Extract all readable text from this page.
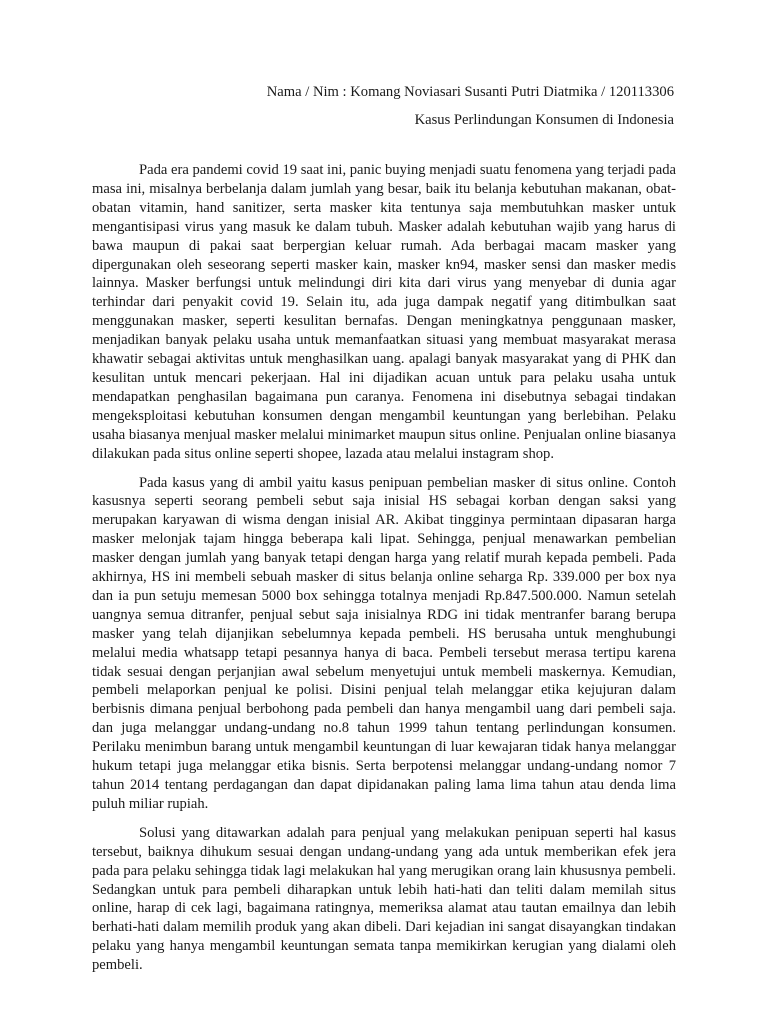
Nama / Nim : Komang Noviasari Susanti Putri Diatmika / 120113306

Kasus Perlindungan Konsumen di Indonesia

Pada era pandemi covid 19 saat ini, panic buying menjadi suatu fenomena yang terjadi pada masa ini, misalnya berbelanja dalam jumlah yang besar, baik itu belanja kebutuhan makanan, obat-obatan vitamin, hand sanitizer, serta masker kita tentunya saja membutuhkan masker untuk mengantisipasi virus yang masuk ke dalam tubuh. Masker adalah kebutuhan wajib yang harus di bawa maupun di pakai saat berpergian keluar rumah. Ada berbagai macam masker yang dipergunakan oleh seseorang seperti masker kain, masker kn94, masker sensi dan masker medis lainnya. Masker berfungsi untuk melindungi diri kita dari virus yang menyebar di dunia agar terhindar dari penyakit covid 19. Selain itu, ada juga dampak negatif yang ditimbulkan saat menggunakan masker, seperti kesulitan bernafas. Dengan meningkatnya penggunaan masker, menjadikan banyak pelaku usaha untuk memanfaatkan situasi yang membuat masyarakat merasa khawatir sebagai aktivitas untuk menghasilkan uang. apalagi banyak masyarakat yang di PHK dan kesulitan untuk mencari pekerjaan. Hal ini dijadikan acuan untuk para pelaku usaha untuk mendapatkan penghasilan bagaimana pun caranya. Fenomena ini disebutnya sebagai tindakan mengeksploitasi kebutuhan konsumen dengan mengambil keuntungan yang berlebihan. Pelaku usaha biasanya menjual masker melalui minimarket maupun situs online. Penjualan online biasanya dilakukan pada situs online seperti shopee, lazada atau melalui instagram shop.

Pada kasus yang di ambil yaitu kasus penipuan pembelian masker di situs online. Contoh kasusnya seperti seorang pembeli sebut saja inisial HS sebagai korban dengan saksi yang merupakan karyawan di wisma dengan inisial AR. Akibat tingginya permintaan dipasaran harga masker melonjak tajam hingga beberapa kali lipat. Sehingga, penjual menawarkan pembelian masker dengan jumlah yang banyak tetapi dengan harga yang relatif murah kepada pembeli. Pada akhirnya, HS ini membeli sebuah masker di situs belanja online seharga Rp. 339.000 per box nya dan ia pun setuju memesan 5000 box sehingga totalnya menjadi Rp.847.500.000. Namun setelah uangnya semua ditranfer, penjual sebut saja inisialnya RDG ini tidak mentranfer barang berupa masker yang telah dijanjikan sebelumnya kepada pembeli. HS berusaha untuk menghubungi melalui media whatsapp tetapi pesannya hanya di baca. Pembeli tersebut merasa tertipu karena tidak sesuai dengan perjanjian awal sebelum menyetujui untuk membeli maskernya. Kemudian, pembeli melaporkan penjual ke polisi. Disini penjual telah melanggar etika kejujuran dalam berbisnis dimana penjual berbohong pada pembeli dan hanya mengambil uang dari pembeli saja. dan juga melanggar undang-undang no.8 tahun 1999 tahun tentang perlindungan konsumen. Perilaku menimbun barang untuk mengambil keuntungan di luar kewajaran tidak hanya melanggar hukum tetapi juga melanggar etika bisnis. Serta berpotensi melanggar undang-undang nomor 7 tahun 2014 tentang perdagangan dan dapat dipidanakan paling lama lima tahun atau denda lima puluh miliar rupiah.

Solusi yang ditawarkan adalah para penjual yang melakukan penipuan seperti hal kasus tersebut, baiknya dihukum sesuai dengan undang-undang yang ada untuk memberikan efek jera pada para pelaku sehingga tidak lagi melakukan hal yang merugikan orang lain khususnya pembeli. Sedangkan untuk para pembeli diharapkan untuk lebih hati-hati dan teliti dalam memilah situs online, harap di cek lagi, bagaimana ratingnya, memeriksa alamat atau tautan emailnya dan lebih berhati-hati dalam memilih produk yang akan dibeli. Dari kejadian ini sangat disayangkan tindakan pelaku yang hanya mengambil keuntungan semata tanpa memikirkan kerugian yang dialami oleh pembeli.
